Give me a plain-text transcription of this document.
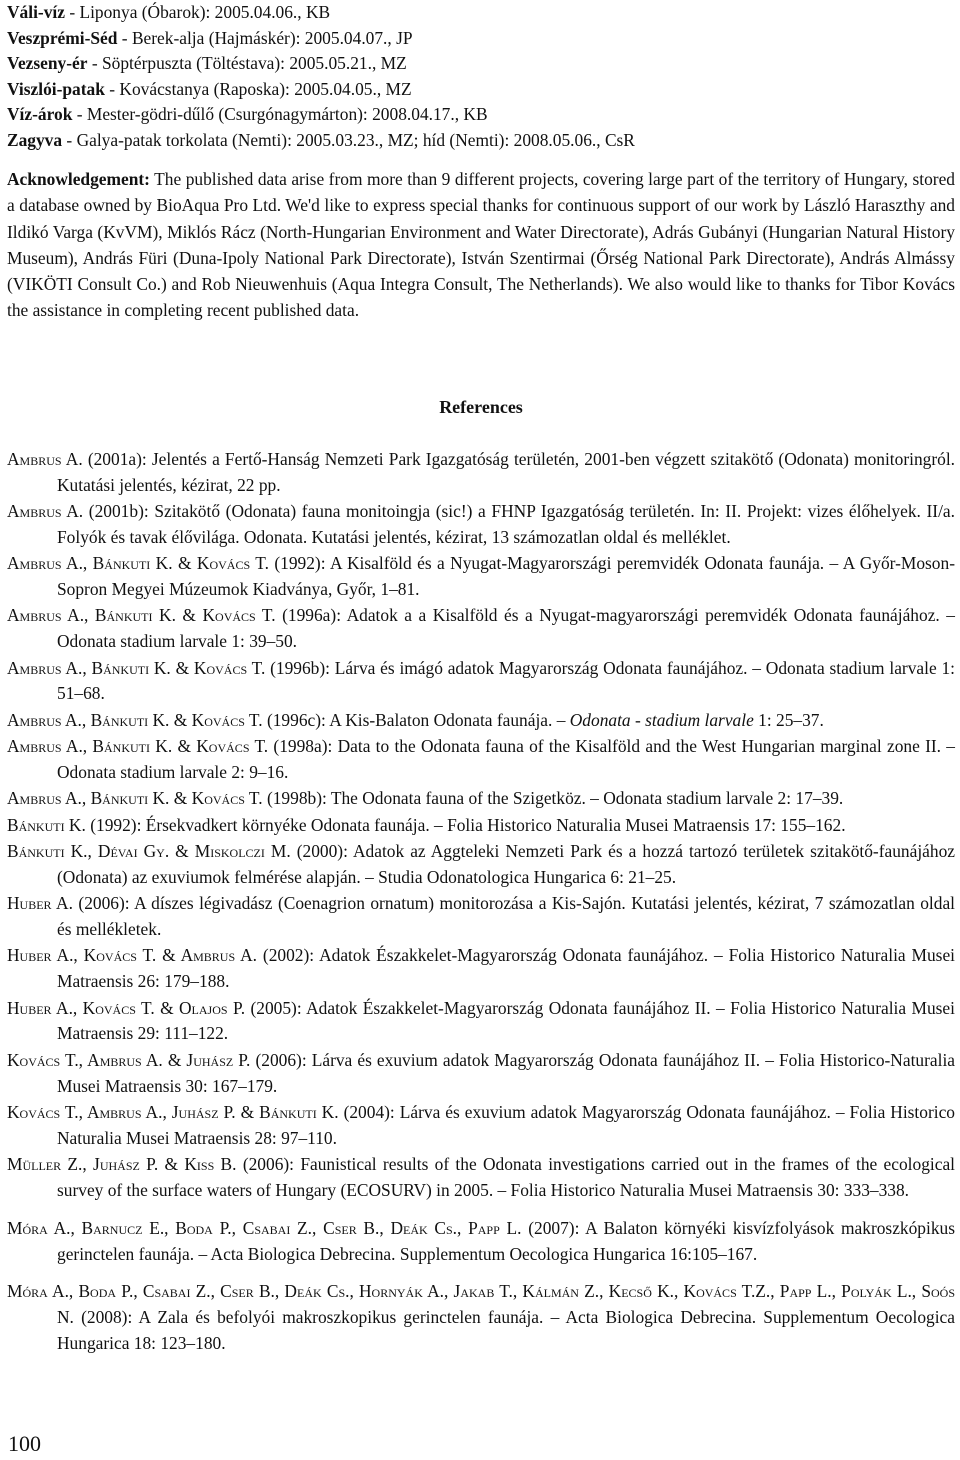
Váli-víz - Liponya (Óbarok): 2005.04.06., KB
Veszprémi-Séd - Berek-alja (Hajmáskér): 2005.04.07., JP
Vezseny-ér - Söptérpuszta (Töltéstava): 2005.05.21., MZ
Viszlói-patak - Kovácstanya (Raposka): 2005.04.05., MZ
Víz-árok - Mester-gödri-dűlő (Csurgónagymárton): 2008.04.17., KB
Zagyva - Galya-patak torkolata (Nemti): 2005.03.23., MZ; híd (Nemti): 2008.05.06., CsR

Acknowledgement: The published data arise from more than 9 different projects, covering large part of the territory of Hungary, stored a database owned by BioAqua Pro Ltd. We'd like to express special thanks for continuous support of our work by László Haraszthy and Ildikó Varga (KvVM), Miklós Rácz (North-Hungarian Environment and Water Directorate), Adrás Gubányi (Hungarian Natural History Museum), András Füri (Duna-Ipoly National Park Directorate), István Szentirmai (Őrség National Park Directorate), András Almássy (VIKÖTI Consult Co.) and Rob Nieuwenhuis (Aqua Integra Consult, The Netherlands). We also would like to thanks for Tibor Kovács the assistance in completing recent published data.

References

Ambrus A. (2001a): Jelentés a Fertő-Hanság Nemzeti Park Igazgatóság területén, 2001-ben végzett szitakötő (Odonata) monitoringról. Kutatási jelentés, kézirat, 22 pp.

Ambrus A. (2001b): Szitakötő (Odonata) fauna monitoingja (sic!) a FHNP Igazgatóság területén. In: II. Projekt: vizes élőhelyek. II/a. Folyók és tavak élővilága. Odonata. Kutatási jelentés, kézirat, 13 számozatlan oldal és melléklet.

Ambrus A., Bánkuti K. & Kovács T. (1992): A Kisalföld és a Nyugat-Magyarországi peremvidék Odonata faunája. – A Győr-Moson-Sopron Megyei Múzeumok Kiadványa, Győr, 1–81.

Ambrus A., Bánkuti K. & Kovács T. (1996a): Adatok a a Kisalföld és a Nyugat-magyarországi peremvidék Odonata faunájához. – Odonata stadium larvale 1: 39–50.

Ambrus A., Bánkuti K. & Kovács T. (1996b): Lárva és imágó adatok Magyarország Odonata faunájához. – Odonata stadium larvale 1: 51–68.

Ambrus A., Bánkuti K. & Kovács T. (1996c): A Kis-Balaton Odonata faunája. – Odonata - stadium larvale 1: 25–37.

Ambrus A., Bánkuti K. & Kovács T. (1998a): Data to the Odonata fauna of the Kisalföld and the West Hungarian marginal zone II. – Odonata stadium larvale 2: 9–16.

Ambrus A., Bánkuti K. & Kovács T. (1998b): The Odonata fauna of the Szigetköz. – Odonata stadium larvale 2: 17–39.

Bánkuti K. (1992): Érsekvadkert környéke Odonata faunája. – Folia Historico Naturalia Musei Matraensis 17: 155–162.

Bánkuti K., Dévai Gy. & Miskolczi M. (2000): Adatok az Aggteleki Nemzeti Park és a hozzá tartozó területek szitakötő-faunájához (Odonata) az exuviumok felmérése alapján. – Studia Odonatologica Hungarica 6: 21–25.

Huber A. (2006): A díszes légivadász (Coenagrion ornatum) monitorozása a Kis-Sajón. Kutatási jelentés, kézirat, 7 számozatlan oldal és mellékletek.

Huber A., Kovács T. & Ambrus A. (2002): Adatok Északkelet-Magyarország Odonata faunájához. – Folia Historico Naturalia Musei Matraensis 26: 179–188.

Huber A., Kovács T. & Olajos P. (2005): Adatok Északkelet-Magyarország Odonata faunájához II. – Folia Historico Naturalia Musei Matraensis 29: 111–122.

Kovács T., Ambrus A. & Juhász P. (2006): Lárva és exuvium adatok Magyarország Odonata faunájához II. – Folia Historico-Naturalia Musei Matraensis 30: 167–179.

Kovács T., Ambrus A., Juhász P. & Bánkuti K. (2004): Lárva és exuvium adatok Magyarország Odonata faunájához. – Folia Historico Naturalia Musei Matraensis 28: 97–110.

Müller Z., Juhász P. & Kiss B. (2006): Faunistical results of the Odonata investigations carried out in the frames of the ecological survey of the surface waters of Hungary (ECOSURV) in 2005. – Folia Historico Naturalia Musei Matraensis 30: 333–338.

Móra A., Barnucz E., Boda P., Csabai Z., Cser B., Deák Cs., Papp L. (2007): A Balaton környéki kisvízfolyások makroszkópikus gerinctelen faunája. – Acta Biologica Debrecina. Supplementum Oecologica Hungarica 16:105–167.

Móra A., Boda P., Csabai Z., Cser B., Deák Cs., Hornyák A., Jakab T., Kálmán Z., Kecső K., Kovács T.Z., Papp L., Polyák L., Soós N. (2008): A Zala és befolyói makroszkopikus gerinctelen faunája. – Acta Biologica Debrecina. Supplementum Oecologica Hungarica 18: 123–180.

100
